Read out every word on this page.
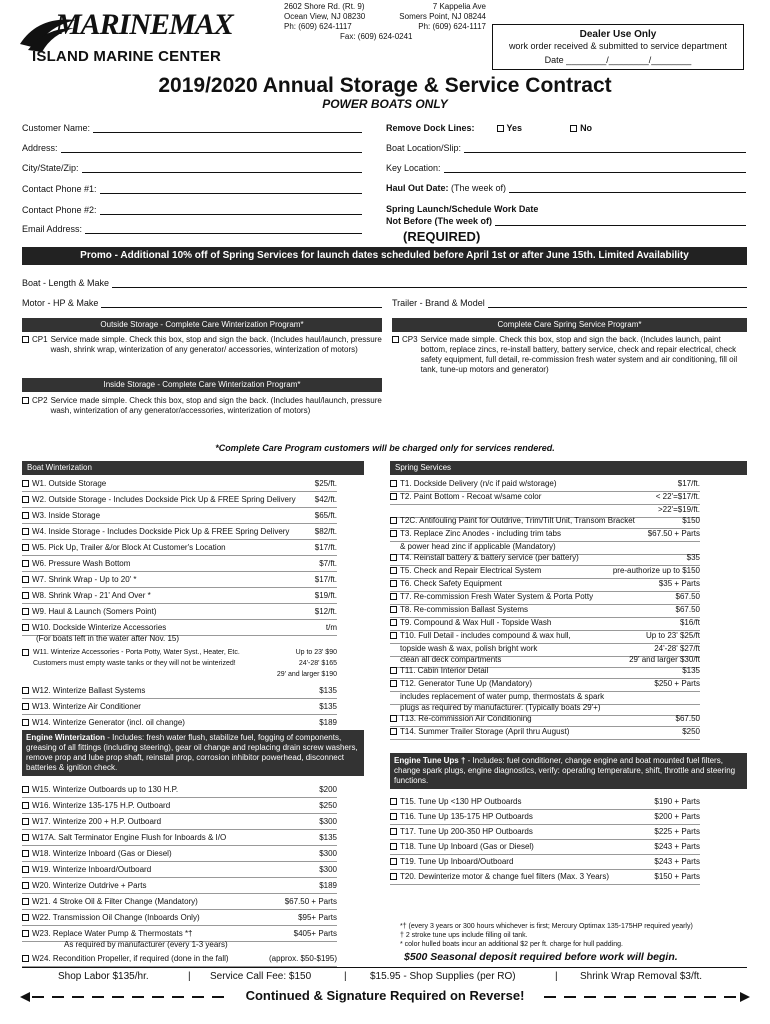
MARINEMAX
ISLAND MARINE CENTER
2602 Shore Rd. (Rt. 9)
Ocean View, NJ 08230
Ph: (609) 624-1117
7 Kappelia Ave
Somers Point, NJ 08244
Ph: (609) 624-1117
Fax: (609) 624-0241	Dealer Use Only
work order received & submitted to service department
Date ________/________/________
2019/2020 Annual Storage & Service Contract
POWER BOATS ONLY
Customer Name:
Address:
City/State/Zip:
Contact Phone #1:
Contact Phone #2:
Email Address:
Remove Dock Lines:	Yes	No
Boat Location/Slip:
Key Location:
Haul Out Date:
(The week of)
Spring Launch/Schedule Work Date
Not Before (The week of)
(REQUIRED)
Promo - Additional 10% off of Spring Services for launch dates scheduled before April 1st or after June 15th. Limited Availability
Boat - Length & Make
Motor - HP & Make	Trailer - Brand & Model
Outside Storage - Complete Care Winterization Program*
CP1 Service made simple. Check this box, stop and sign the back. (Includes haul/launch, pressure wash, shrink wrap, winterization of any generator/ accessories, winterization of motors)
Inside Storage - Complete Care Winterization Program*
CP2 Service made simple. Check this box, stop and sign the back. (Includes haul/launch, pressure wash, winterization of any generator/accessories, winterization of motors)
Complete Care Spring Service Program*
CP3 Service made simple. Check this box, stop and sign the back. (Includes launch, paint bottom, replace zincs, re-install battery, battery service, check and repair electrical, check safety equipment, full detail, re-commission fresh water system and air conditioning, fill oil tank, tune-up motors and generator)
*Complete Care Program customers will be charged only for services rendered.
Boat Winterization
W1. Outside Storage	$25/ft.
W2. Outside Storage - Includes Dockside Pick Up & FREE Spring Delivery	$42/ft.
W3. Inside Storage	$65/ft.
W4. Inside Storage - Includes Dockside Pick Up & FREE Spring Delivery	$82/ft.
W5. Pick Up, Trailer &/or Block At Customer's Location	$17/ft.
W6. Pressure Wash Bottom	$7/ft.
W7. Shrink Wrap - Up to 20' *	$17/ft.
W8. Shrink Wrap - 21' And Over *	$19/ft.
W9. Haul & Launch (Somers Point)	$12/ft.
W10. Dockside Winterize Accessories	t/m
(For boats left in the water after Nov. 15)
W11. Winterize Accessories - Porta Potty, Water Syst., Heater, Etc.	Up to 23' $90
Customers must empty waste tanks or they will not be winterized!	24'-28' $165
29' and larger $190
W12. Winterize Ballast Systems	$135
W13. Winterize Air Conditioner	$135
W14. Winterize Generator (incl. oil change)	$189
Engine Winterization - Includes: fresh water flush, stabilize fuel, fogging of components, greasing of all fittings (including steering), gear oil change and replacing drain screw washers, remove prop and lube prop shaft, reinstall prop, corrosion inhibitor powerhead, disconnect batteries & ignition check.
W15. Winterize Outboards up to 130 H.P.	$200
W16. Winterize 135-175 H.P. Outboard	$250
W17. Winterize 200 + H.P. Outboard	$300
W17A. Salt Terminator Engine Flush for Inboards & I/O	$135
W18. Winterize Inboard (Gas or Diesel)	$300
W19. Winterize Inboard/Outboard	$300
W20. Winterize Outdrive + Parts	$189
W21. 4 Stroke Oil & Filter Change (Mandatory)	$67.50 + Parts
W22. Transmission Oil Change (Inboards Only)	$95+ Parts
W23. Replace Water Pump & Thermostats *†	$405+ Parts
As required by manufacturer (every 1-3 years)
W24. Recondition Propeller, if required (done in the fall)	(approx. $50-$195)
Spring Services
T1. Dockside Delivery (n/c if paid w/storage)	$17/ft.
T2. Paint Bottom - Recoat w/same color	< 22'=$17/ft.
>22'=$19/ft.
T2C. Antifouling Paint for Outdrive, Trim/Tilt Unit, Transom Bracket	$150
T3. Replace Zinc Anodes - including trim tabs	$67.50 + Parts
& power head zinc if applicable (Mandatory)
T4. Reinstall battery & battery service (per battery)	$35
T5. Check and Repair Electrical System	pre-authorize up to $150
T6. Check Safety Equipment	$35 + Parts
T7. Re-commission Fresh Water System & Porta Potty	$67.50
T8. Re-commission Ballast Systems	$67.50
T9. Compound & Wax Hull - Topside Wash	$16/ft
T10. Full Detail - includes compound & wax hull,	Up to 23' $25/ft
topside wash & wax, polish bright work	24'-28' $27/ft
clean all deck compartments	29' and larger $30/ft
T11. Cabin Interior Detail	$135
T12. Generator Tune Up (Mandatory)	$250 + Parts
includes replacement of water pump, thermostats & spark
plugs as required by manufacturer. (Typically boats 29'+)
T13. Re-commission Air Conditioning	$67.50
T14. Summer Trailer Storage (April thru August)	$250
Engine Tune Ups † - Includes: fuel conditioner, change engine and boat mounted fuel filters, change spark plugs, engine diagnostics, verify: operating temperature, shift, throttle and steering functions.
T15. Tune Up <130 HP Outboards	$190 + Parts
T16. Tune Up 135-175 HP Outboards	$200 + Parts
T17. Tune Up 200-350 HP Outboards	$225 + Parts
T18. Tune Up Inboard (Gas or Diesel)	$243 + Parts
T19. Tune Up Inboard/Outboard	$243 + Parts
T20. Dewinterize motor & change fuel filters (Max. 3 Years)	$150 + Parts
*† (every 3 years or 300 hours whichever is first; Mercury Optimax 135-175HP required yearly)
† 2 stroke tune ups include filling oil tank.
* color hulled boats incur an additional $2 per ft. charge for hull padding.
$500 Seasonal deposit required before work will begin.
Shop Labor $135/hr.	| Service Call Fee: $150	| $15.95 - Shop Supplies (per RO)	| Shrink Wrap Removal $3/ft.
Continued & Signature Required on Reverse!
